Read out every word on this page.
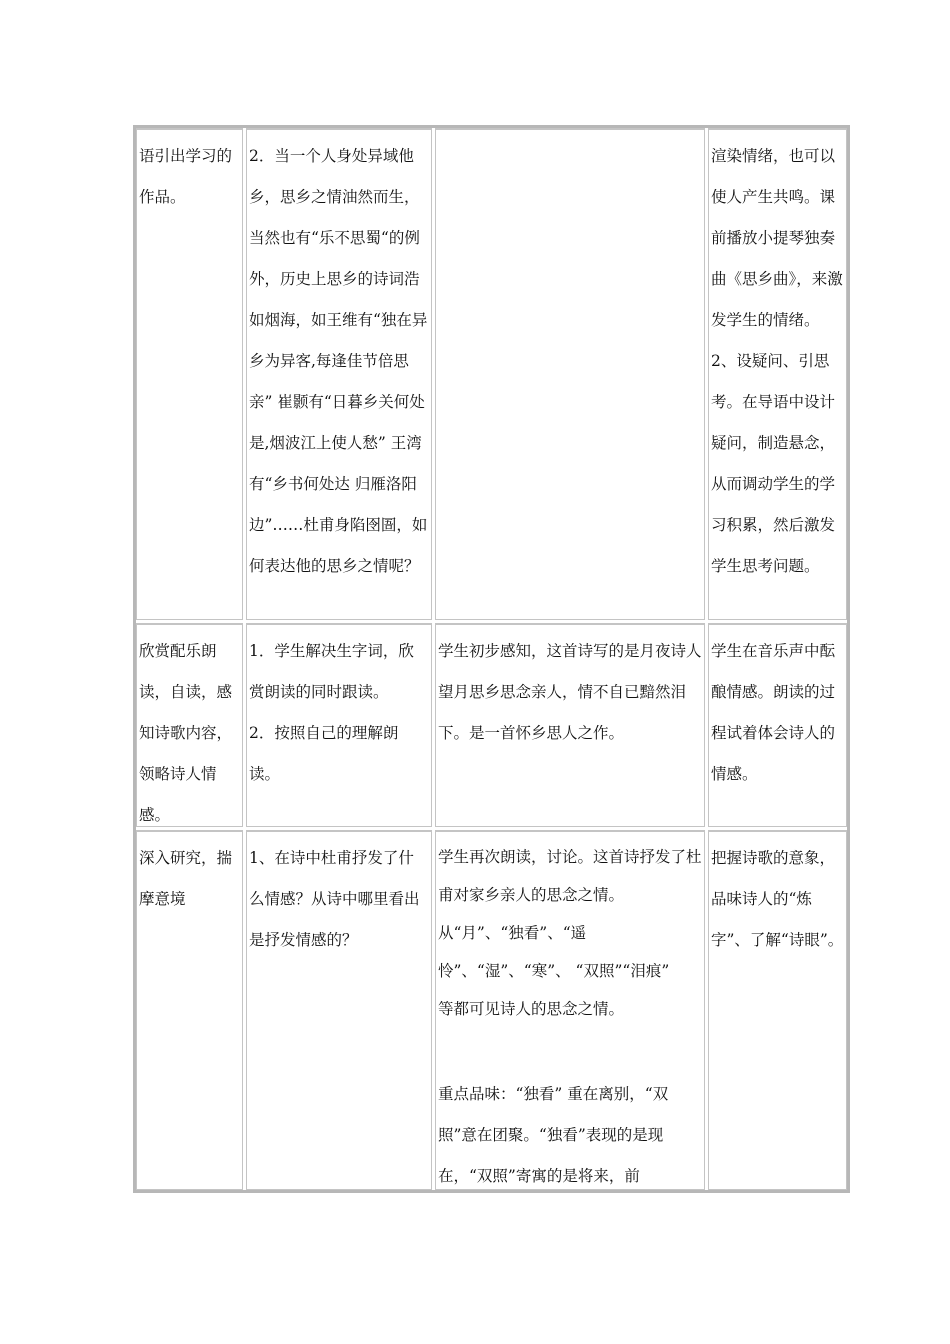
语引出学习的作品。
2．当一个人身处异域他乡，思乡之情油然而生，当然也有“乐不思蜀“的例外，历史上思乡的诗词浩如烟海，如王维有“独在异乡为异客,每逢佳节倍思亲” 崔颢有“日暮乡关何处是,烟波江上使人愁” 王湾有“乡书何处达 归雁洛阳边”……杜甫身陷囹圄，如何表达他的思乡之情呢？
渲染情绪，也可以使人产生共鸣。课前播放小提琴独奏曲《思乡曲》，来激发学生的情绪。
2、设疑问、引思考。在导语中设计疑问，制造悬念，从而调动学生的学习积累，然后激发学生思考问题。
欣赏配乐朗读，自读，感知诗歌内容，领略诗人情感。
1．学生解决生字词，欣赏朗读的同时跟读。
2．按照自己的理解朗读。
学生初步感知，这首诗写的是月夜诗人望月思乡思念亲人，情不自已黯然泪下。是一首怀乡思人之作。
学生在音乐声中酝酿情感。朗读的过程试着体会诗人的情感。
深入研究，揣摩意境
1、在诗中杜甫抒发了什么情感？从诗中哪里看出是抒发情感的？
学生再次朗读，讨论。这首诗抒发了杜甫对家乡亲人的思念之情。
从“月”、“独看”、“遥怜”、“湿”、“寒”、 “双照”“泪痕”
等都可见诗人的思念之情。
重点品味：“独看” 重在离别，“双照”意在团聚。“独看”表现的是现在，“双照”寄寓的是将来，前
把握诗歌的意象，品味诗人的“炼字”、了解“诗眼”。
